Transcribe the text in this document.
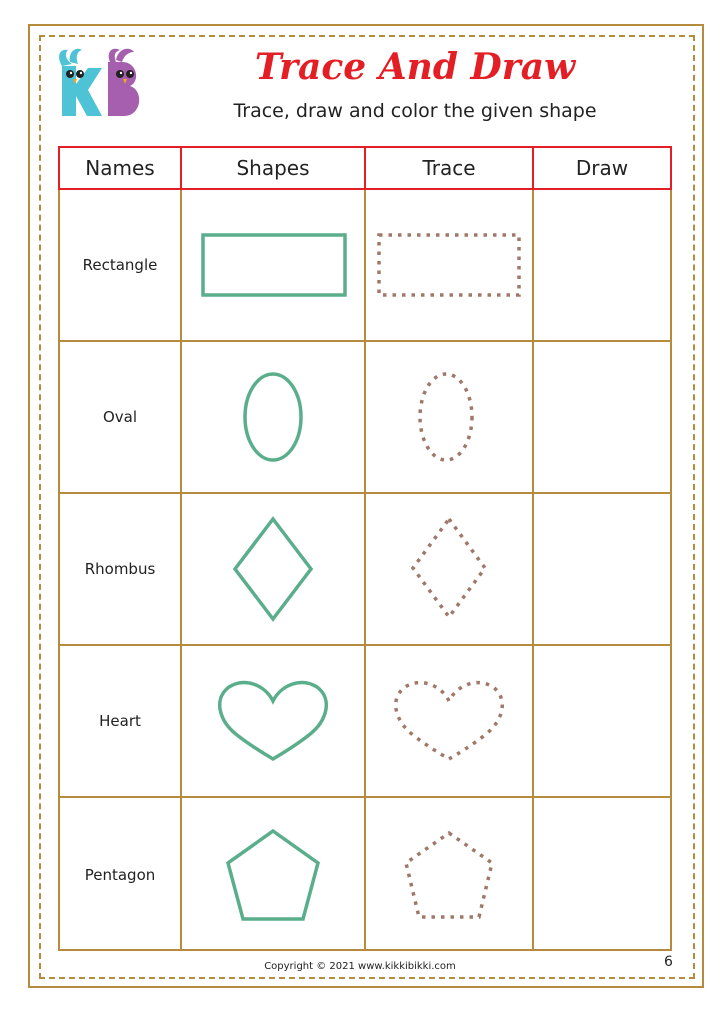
Trace And Draw
Trace, draw and color the given shape
Names	Shapes	Trace	Draw
Rectangle
Oval
Rhombus
Heart
Pentagon
Copyright © 2021 www.kikkibikki.com	6
